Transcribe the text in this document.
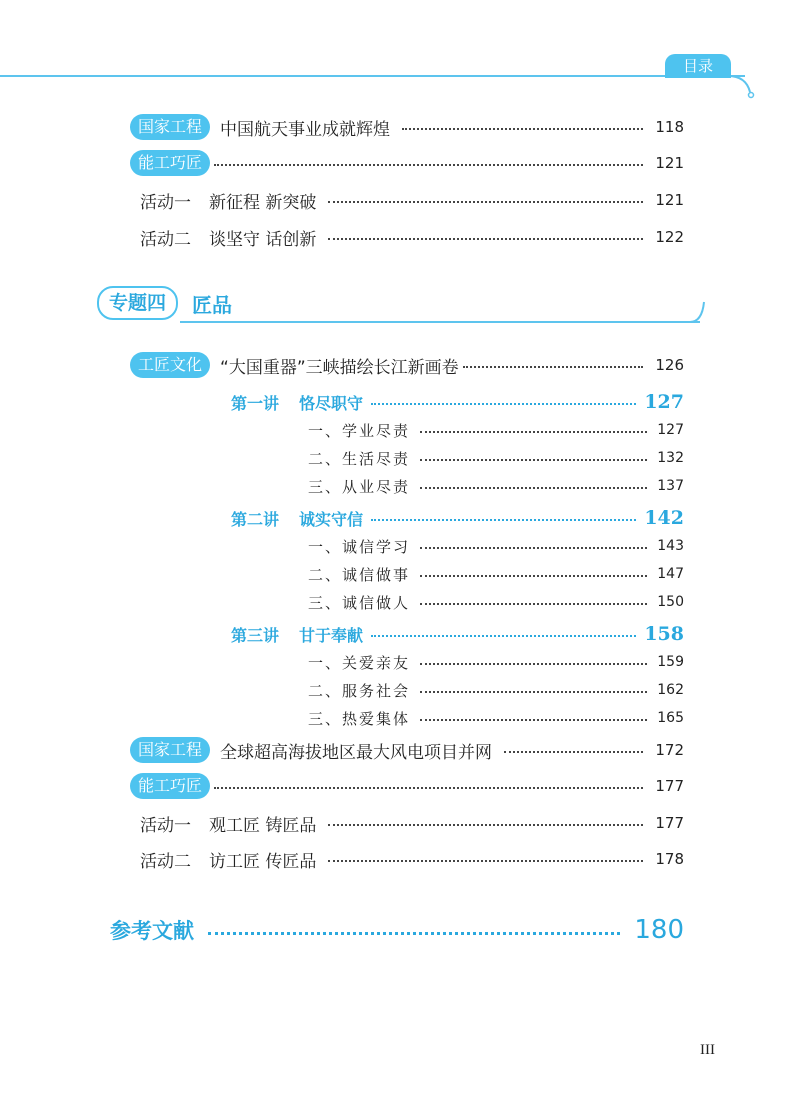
目录
国家工程	中国航天事业成就辉煌	118
能工巧匠	121
活动一 新征程 新突破	121
活动二 谈坚守 话创新	122
专题四	匠品
工匠文化	“大国重器”三峡描绘长江新画卷	126
第一讲 恪尽职守	127
一、学业尽责	127
二、生活尽责	132
三、从业尽责	137
第二讲 诚实守信	142
一、诚信学习	143
二、诚信做事	147
三、诚信做人	150
第三讲 甘于奉献	158
一、关爱亲友	159
二、服务社会	162
三、热爱集体	165
国家工程	全球超高海拔地区最大风电项目并网	172
能工巧匠	177
活动一 观工匠 铸匠品	177
活动二 访工匠 传匠品	178
参考文献	180
III
